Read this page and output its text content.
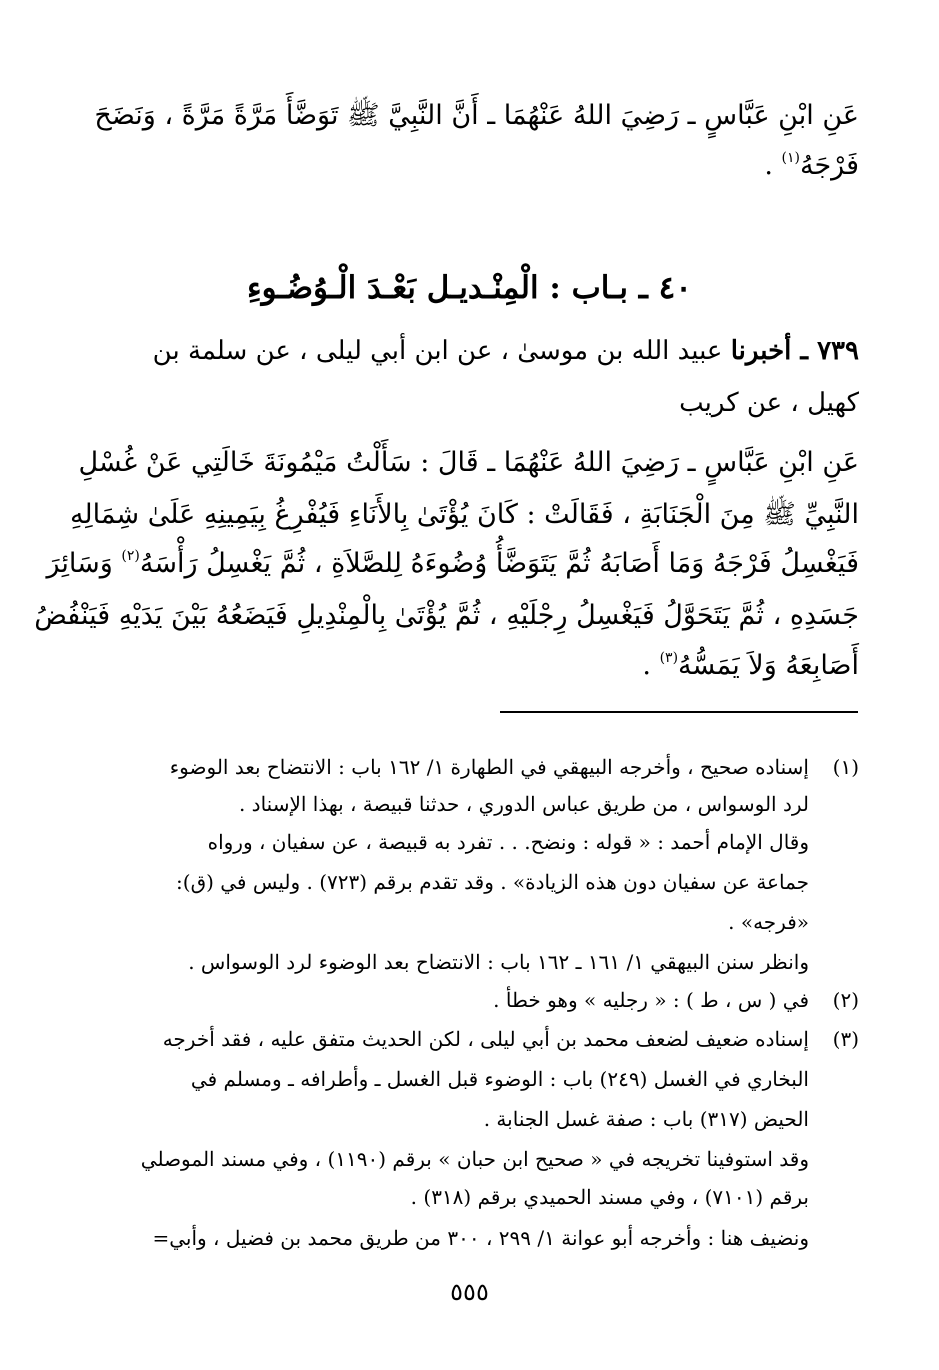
عَنِ ابْنِ عَبَّاسٍ ـ رَضِيَ اللهُ عَنْهُمَا ـ أَنَّ النَّبِيَّ ﷺ تَوَضَّأَ مَرَّةً مَرَّةً ، وَنَضَحَ
فَرْجَهُ$^{(١)}$ .
٤٠ ـ بـاب : الْمِنْـديـل بَعْـدَ الْـوُضُـوءِ
٧٣٩ ـ أخبرنا عبيد الله بن موسىٰ ، عن ابن أبي ليلى ، عن سلمة بن
كهيل ، عن كريب
عَنِ ابْنِ عَبَّاسٍ ـ رَضِيَ اللهُ عَنْهُمَا ـ قَالَ : سَأَلْتُ مَيْمُونَةَ خَالَتِي عَنْ غُسْلِ
النَّبِيِّ ﷺ مِنَ الْجَنَابَةِ ، فَقَالَتْ : كَانَ يُؤْتَىٰ بِالأَنَاءِ فَيُفْرِغُ بِيَمِينِهِ عَلَىٰ شِمَالِهِ
فَيَغْسِلُ فَرْجَهُ وَمَا أَصَابَهُ ثُمَّ يَتَوَضَّأُ وُضُوءَهُ لِلصَّلاَةِ ، ثُمَّ يَغْسِلُ رَأْسَهُ$^{(٢)}$ وَسَائِرَ
جَسَدِهِ ، ثُمَّ يَتَحَوَّلُ فَيَغْسِلُ رِجْلَيْهِ ، ثُمَّ يُؤْتَىٰ بِالْمِنْدِيلِ فَيَضَعُهُ بَيْنَ يَدَيْهِ فَيَنْفُضُ
أَصَابِعَهُ وَلاَ يَمَسُّهُ$^{(٣)}$ .
(١)
إسناده صحيح ، وأخرجه البيهقي في الطهارة ١/ ١٦٢ باب : الانتضاح بعد الوضوء
لرد الوسواس ، من طريق عباس الدوري ، حدثنا قبيصة ، بهذا الإسناد .
وقال الإمام أحمد : « قوله : ونضح. . . تفرد به قبيصة ، عن سفيان ، ورواه
جماعة عن سفيان دون هذه الزيادة» . وقد تقدم برقم (٧٢٣) . وليس في (ق):
«فرجه» .
وانظر سنن البيهقي ١/ ١٦١ ـ ١٦٢ باب : الانتضاح بعد الوضوء لرد الوسواس .
(٢)
في ( س ، ط ) : « رجليه » وهو خطأ .
(٣)
إسناده ضعيف لضعف محمد بن أبي ليلى ، لكن الحديث متفق عليه ، فقد أخرجه
البخاري في الغسل (٢٤٩) باب : الوضوء قبل الغسل ـ وأطرافه ـ ومسلم في
الحيض (٣١٧) باب : صفة غسل الجنابة .
وقد استوفينا تخريجه في « صحيح ابن حبان » برقم (١١٩٠) ، وفي مسند الموصلي
برقم (٧١٠١) ، وفي مسند الحميدي برقم (٣١٨) .
ونضيف هنا : وأخرجه أبو عوانة ١/ ٢٩٩ ، ٣٠٠ من طريق محمد بن فضيل ، وأبي=
٥٥٥
